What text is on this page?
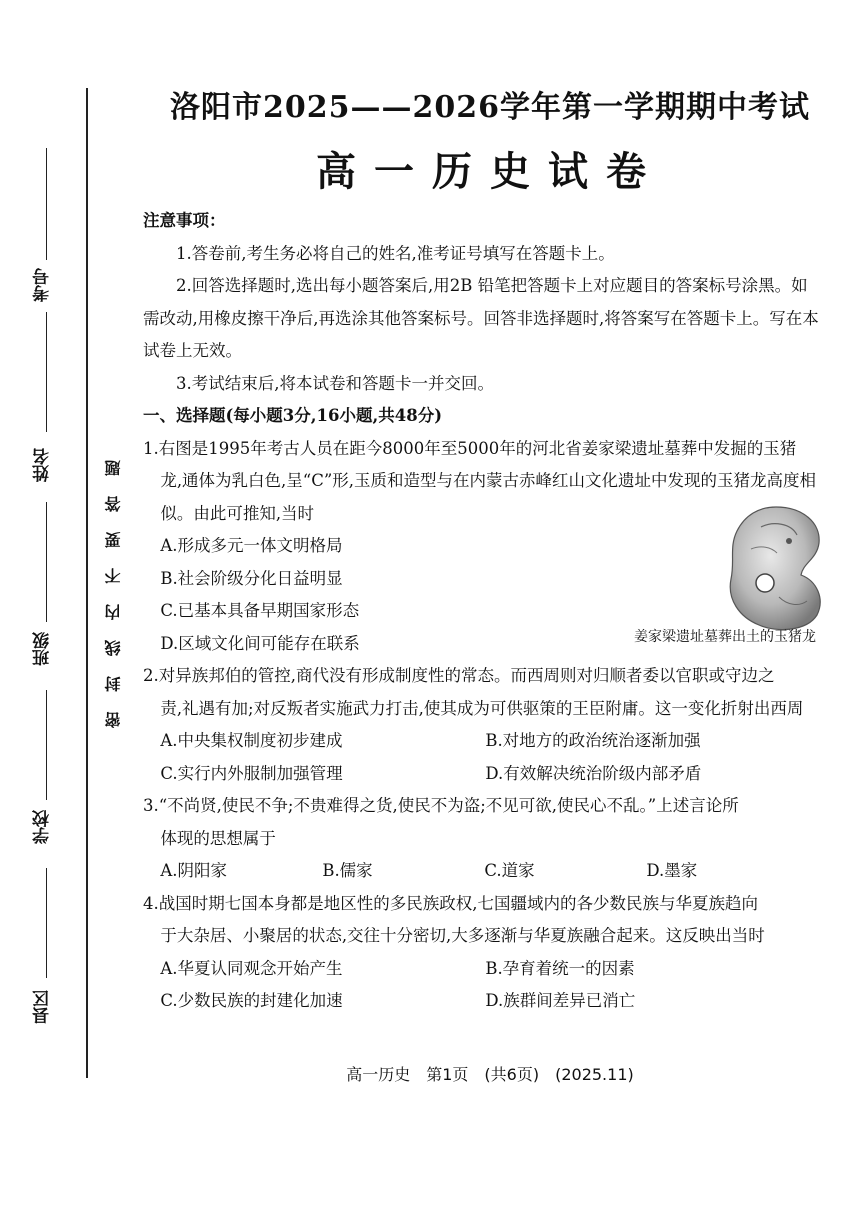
考号
姓名
班级
学校
县区
密封线内不要答题
洛阳市2025——2026学年第一学期期中考试
高一历史试卷

注意事项：

1.答卷前,考生务必将自己的姓名,准考证号填写在答题卡上。

2.回答选择题时,选出每小题答案后,用2B 铅笔把答题卡上对应题目的答案标号涂黑。如需改动,用橡皮擦干净后,再选涂其他答案标号。回答非选择题时,将答案写在答题卡上。写在本试卷上无效。

3.考试结束后,将本试卷和答题卡一并交回。

一、选择题(每小题3分,16小题,共48分)

1.右图是1995年考古人员在距今8000年至5000年的河北省姜家梁遗址墓葬中发掘的玉猪

龙,通体为乳白色,呈“C”形,玉质和造型与在内蒙古赤峰红山文化遗址中发现的玉猪龙高度相似。由此可推知,当时

A.形成多元一体文明格局

B.社会阶级分化日益明显

C.已基本具备早期国家形态

D.区域文化间可能存在联系

2.对异族邦伯的管控,商代没有形成制度性的常态。而西周则对归顺者委以官职或守边之

责,礼遇有加;对反叛者实施武力打击,使其成为可供驱策的王臣附庸。这一变化折射出西周

A.中央集权制度初步建成	B.对地方的政治统治逐渐加强
C.实行内外服制加强管理	D.有效解决统治阶级内部矛盾

3.“不尚贤,使民不争;不贵难得之货,使民不为盗;不见可欲,使民心不乱。”上述言论所

体现的思想属于

A.阴阳家	B.儒家	C.道家	D.墨家

4.战国时期七国本身都是地区性的多民族政权,七国疆域内的各少数民族与华夏族趋向

于大杂居、小聚居的状态,交往十分密切,大多逐渐与华夏族融合起来。这反映出当时

A.华夏认同观念开始产生	B.孕育着统一的因素
C.少数民族的封建化加速	D.族群间差异已消亡
姜家梁遗址墓葬出土的玉猪龙
高一历史　第1页　(共6页)　(2025.11)
